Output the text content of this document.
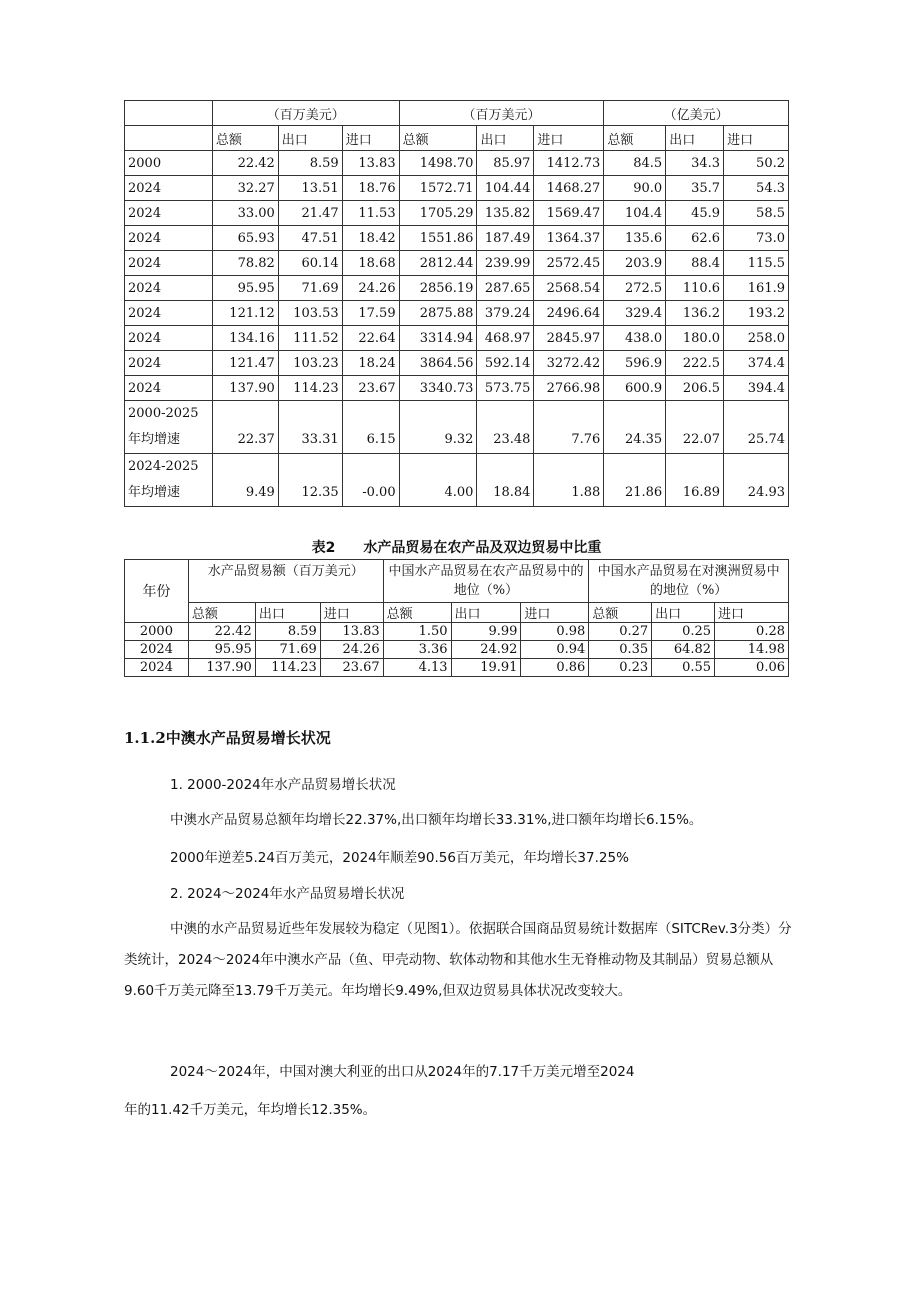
	（百万美元）			（百万美元）			（亿美元）		
	总额	出口	进口	总额	出口	进口	总额	出口	进口
2000	22.42	8.59	13.83	1498.70	85.97	1412.73	84.5	34.3	50.2
2024	32.27	13.51	18.76	1572.71	104.44	1468.27	90.0	35.7	54.3
2024	33.00	21.47	11.53	1705.29	135.82	1569.47	104.4	45.9	58.5
2024	65.93	47.51	18.42	1551.86	187.49	1364.37	135.6	62.6	73.0
2024	78.82	60.14	18.68	2812.44	239.99	2572.45	203.9	88.4	115.5
2024	95.95	71.69	24.26	2856.19	287.65	2568.54	272.5	110.6	161.9
2024	121.12	103.53	17.59	2875.88	379.24	2496.64	329.4	136.2	193.2
2024	134.16	111.52	22.64	3314.94	468.97	2845.97	438.0	180.0	258.0
2024	121.47	103.23	18.24	3864.56	592.14	3272.42	596.9	222.5	374.4
2024	137.90	114.23	23.67	3340.73	573.75	2766.98	600.9	206.5	394.4

2000-2025
年均增速	22.37	33.31	6.15	9.32	23.48	7.76	24.35	22.07	25.74

2024-2025
年均增速	9.49	12.35	-0.00	4.00	18.84	1.88	21.86	16.89	24.93
表2 水产品贸易在农产品及双边贸易中比重
年份	水产品贸易额（百万美元）			中国水产品贸易在农产品贸易中的地位（%）			中国水产品贸易在对澳洲贸易中的地位（%）		
	总额	出口	进口	总额	出口	进口	总额	出口	进口
2000	22.42	8.59	13.83	1.50	9.99	0.98	0.27	0.25	0.28
2024	95.95	71.69	24.26	3.36	24.92	0.94	0.35	64.82	14.98
2024	137.90	114.23	23.67	4.13	19.91	0.86	0.23	0.55	0.06
1.1.2中澳水产品贸易增长状况
1. 2000-2024年水产品贸易增长状况
中澳水产品贸易总额年均增长22.37%,出口额年均增长33.31%,进口额年均增长6.15%。
2000年逆差5.24百万美元，2024年顺差90.56百万美元，年均增长37.25%
2. 2024～2024年水产品贸易增长状况
中澳的水产品贸易近些年发展较为稳定（见图1）。依据联合国商品贸易统计数据库（SITCRev.3分类）分类统计，2024～2024年中澳水产品（鱼、甲壳动物、软体动物和其他水生无脊椎动物及其制品）贸易总额从9.60千万美元降至13.79千万美元。年均增长9.49%,但双边贸易具体状况改变较大。
2024～2024年，中国对澳大利亚的出口从2024年的7.17千万美元增至2024
年的11.42千万美元，年均增长12.35%。
